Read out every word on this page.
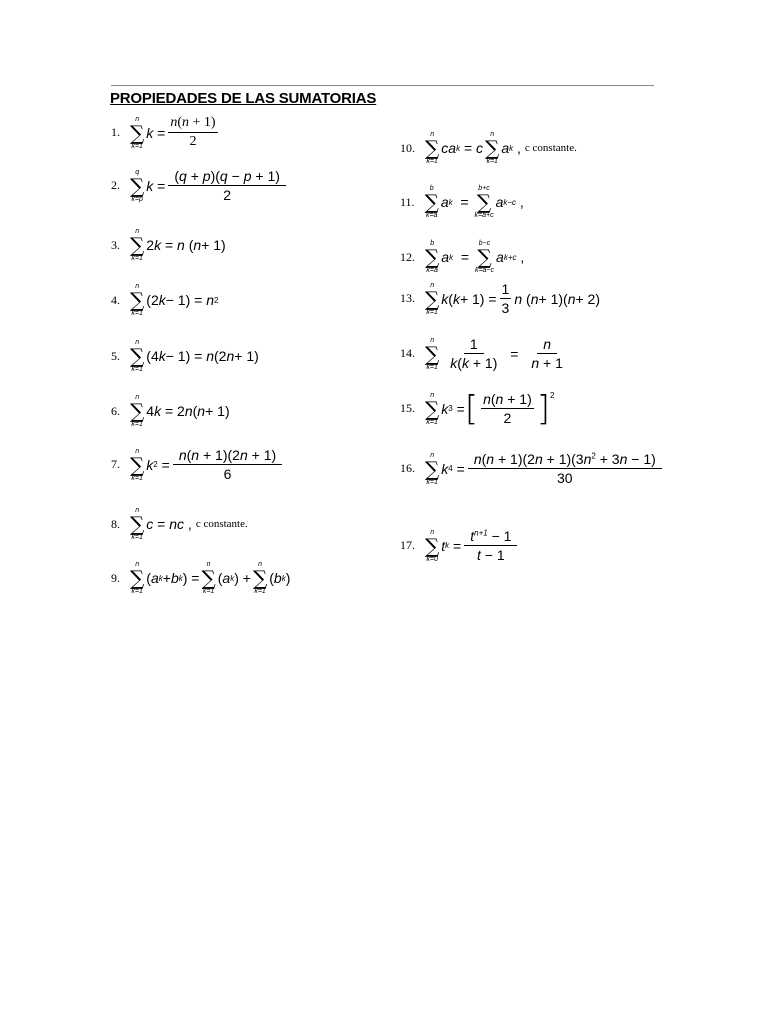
PROPIEDADES DE LAS SUMATORIAS
1.
n
∑
k=1
$k = \frac{n(n + 1)}{2}$
2.
q
∑
k=p
$k = \frac{(q + p)(q - p + 1)}{2}$
3.
n
∑
k=1
2 k = n ( n + 1)
4.
n
∑
k=1
(2 k − 1) = n 2
5.
n
∑
k=1
(4 k − 1) = n (2 n + 1)
6.
n
∑
k=1
4 k = 2 n ( n + 1)
7.
n
∑
k=1
k $2 = \frac{n(n + 1)(2n + 1)}{6}$
8.
n
∑
k=1
c = nc , c constante.
9.
n
∑
k=1
( a k + b k ) =
n
∑
k=1
( a k ) +
n
∑
k=1
( b k )
10.
n
∑
k=1
ca k = c
n
∑
k=1
a k , c constante.
11.
b
∑
k=a
a k =
b+c
∑
k=a+c
a k−c ,
12.
b
∑
k=a
a k =
b−c
∑
k=a−c
a k+c ,
13.
n
∑
k=1
k ( $k + 1) = \frac{1}{3}$ n ( n + 1)( n + 2)
14.
n
∑
$k=1 \frac{1}{k(k + 1)} = \frac{n}{n + 1}$
15.
n
∑
k=1
k 3 = [ $\frac{n(n + 1)}{2} ]^2$
16.
n
∑
k=1
k $4 = \frac{n(n + 1)(2n + 1)(3n^2 + 3n - 1)}{30}$
17.
n
∑
k=0
t $k = \frac{t^{n+1} - 1}{t - 1}$
